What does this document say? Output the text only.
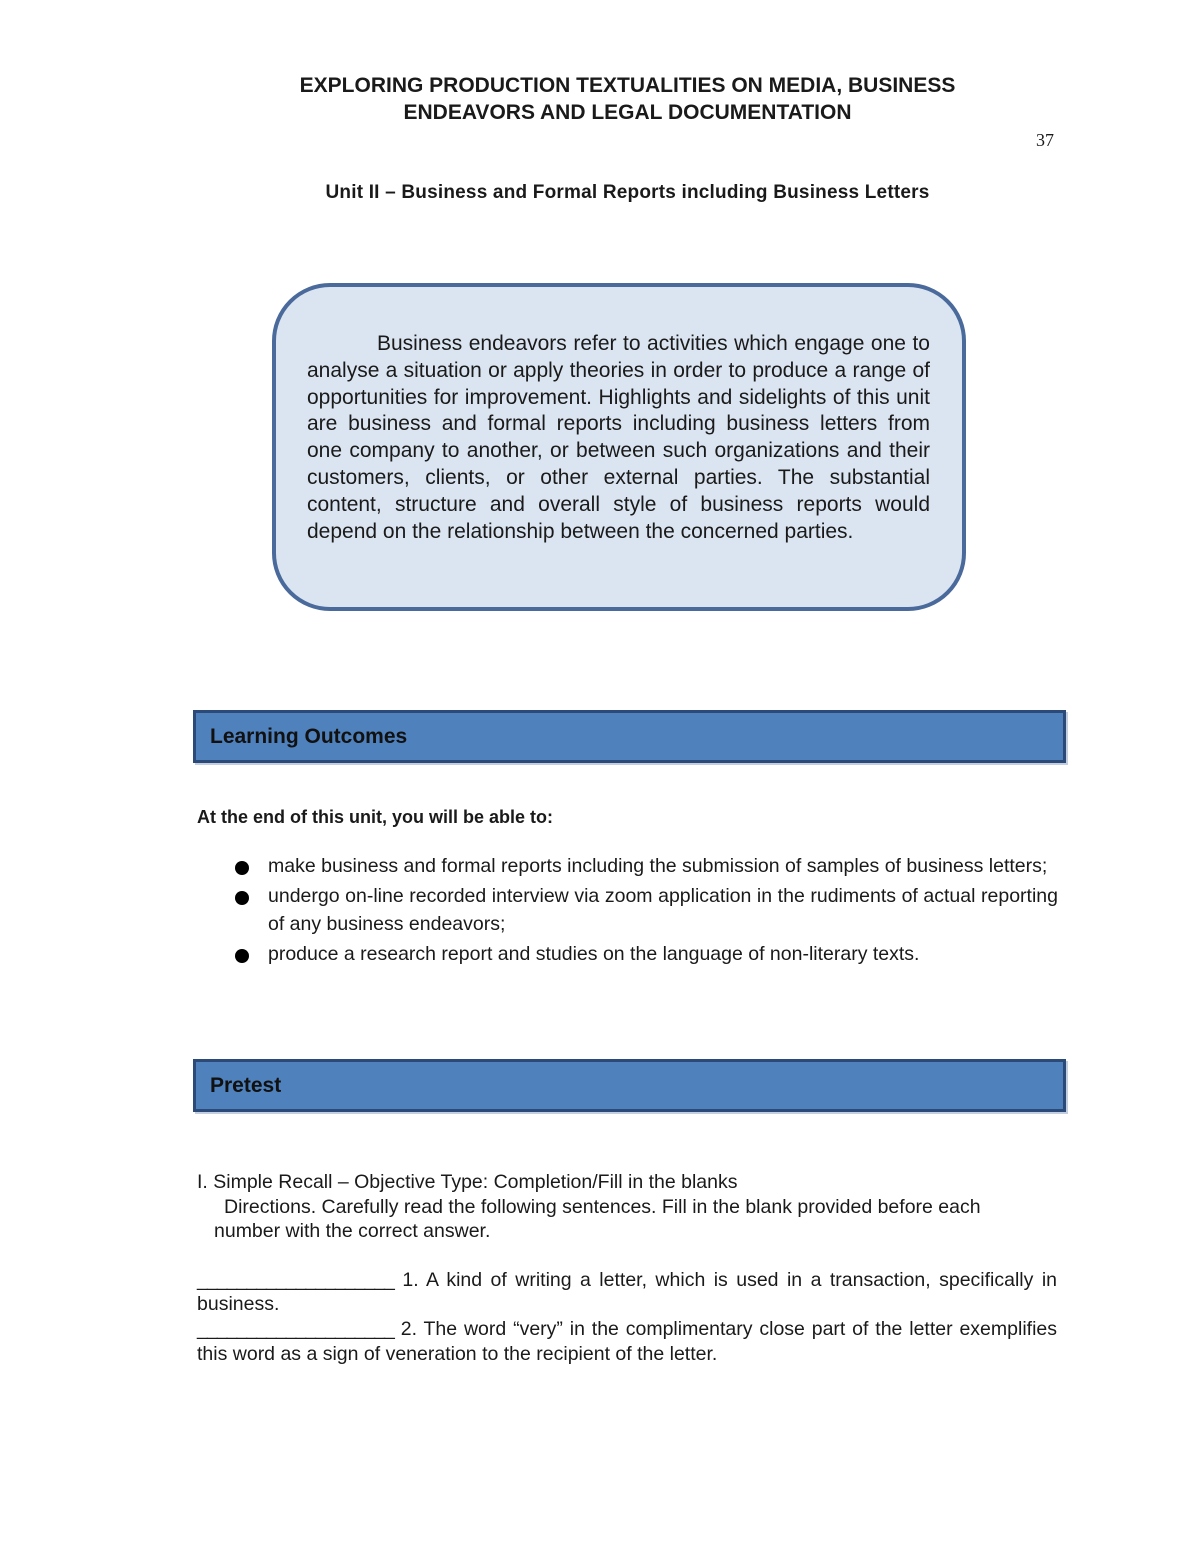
EXPLORING PRODUCTION TEXTUALITIES ON MEDIA, BUSINESS
ENDEAVORS AND LEGAL DOCUMENTATION
37
Unit II – Business and Formal Reports including Business Letters

Business endeavors refer to activities which engage one to analyse a situation or apply theories in order to produce a range of opportunities for improvement. Highlights and sidelights of this unit are business and formal reports including business letters from one company to another, or between such organizations and their customers, clients, or other external parties. The substantial content, structure and overall style of business reports would depend on the relationship between the concerned parties.

Learning Outcomes
At the end of this unit, you will be able to:
make business and formal reports including the submission of samples of business letters;
undergo on-line recorded interview via zoom application in the rudiments of actual reporting of any business endeavors;
produce a research report and studies on the language of non-literary texts.
Pretest

I. Simple Recall – Objective Type: Completion/Fill in the blanks

Directions. Carefully read the following sentences. Fill in the blank provided before each

number with the correct answer.

____________________ 1. A kind of writing a letter, which is used in a transaction, specifically in business.

____________________ 2. The word “very” in the complimentary close part of the letter exemplifies this word as a sign of veneration to the recipient of the letter.
